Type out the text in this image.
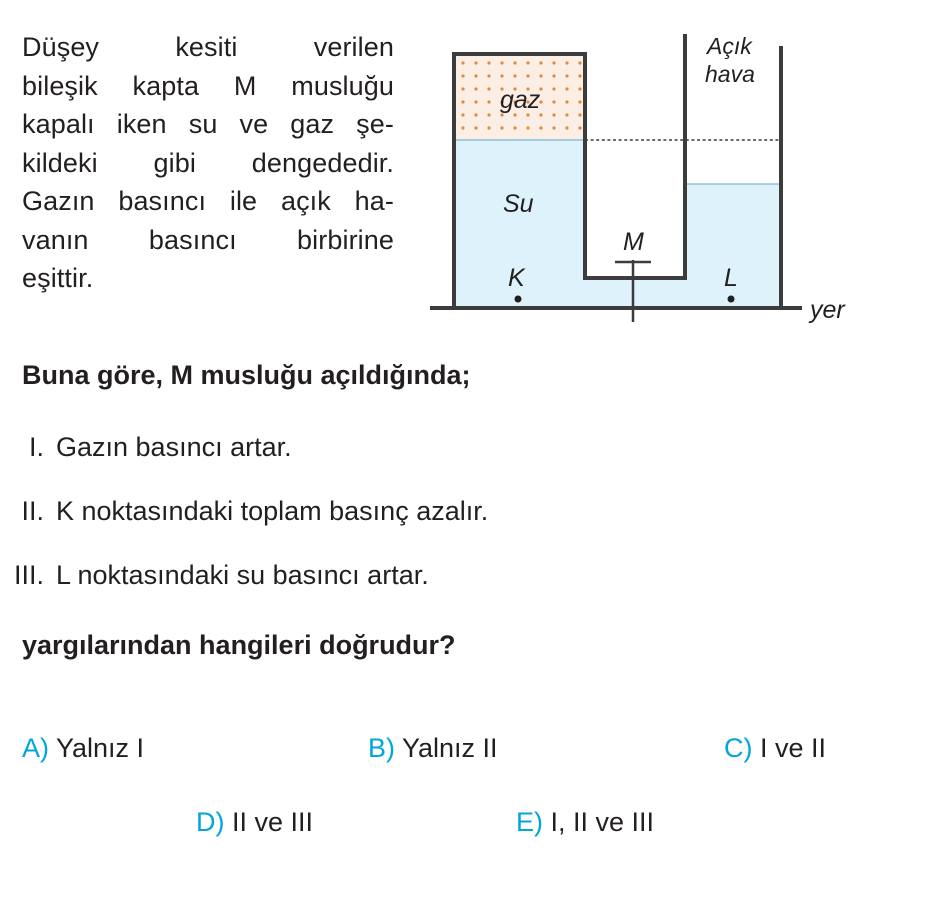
Düşey kesiti verilen
bileşik kapta M musluğu
kapalı iken su ve gaz şe-
kildeki gibi dengededir.
Gazın basıncı ile açık ha-
vanın basıncı birbirine
eşittir.
gaz
Su
M
K	L
Açık
hava
yer
Buna göre, M musluğu açıldığında;
I. Gazın basıncı artar.
II. K noktasındaki toplam basınç azalır.
III. L noktasındaki su basıncı artar.
yargılarından hangileri doğrudur?
A) Yalnız I	B) Yalnız II	C) I ve II
D) II ve III	E) I, II ve III
